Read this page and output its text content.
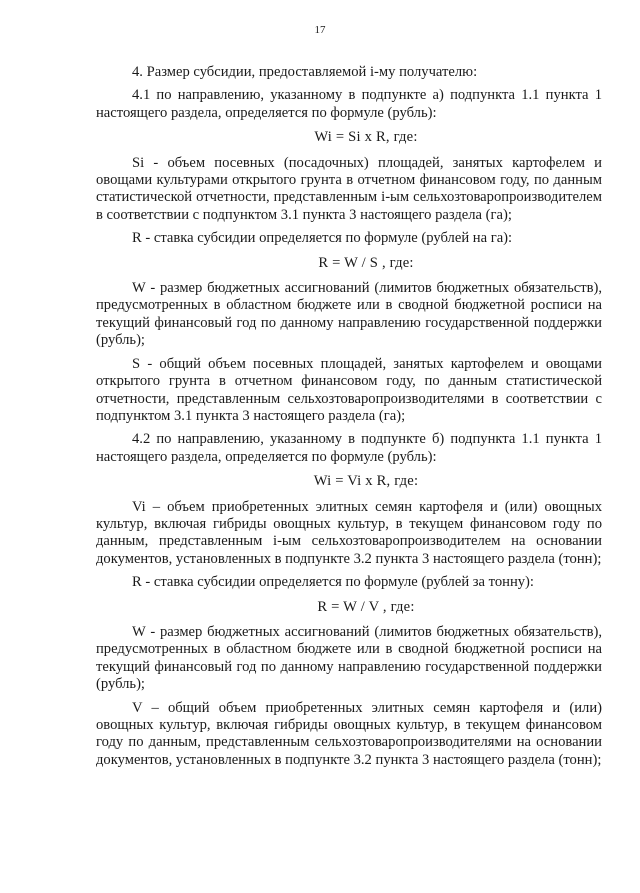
17

4. Размер субсидии, предоставляемой i-му получателю:

4.1 по направлению, указанному в подпункте а) подпункта 1.1 пункта 1 настоящего раздела, определяется по формуле (рубль):

Wi = Si x R, где:

Si - объем посевных (посадочных) площадей, занятых картофелем и овощами культурами открытого грунта в отчетном финансовом году, по данным статистической отчетности, представленным i-ым сельхозтоваропроизводителем в соответствии с подпунктом 3.1 пункта 3 настоящего раздела (га);

R - ставка субсидии определяется по формуле (рублей на га):

R = W / S , где:

W - размер бюджетных ассигнований (лимитов бюджетных обязательств), предусмотренных в областном бюджете или в сводной бюджетной росписи на текущий финансовый год по данному направлению государственной поддержки (рубль);

S - общий объем посевных площадей, занятых картофелем и овощами открытого грунта в отчетном финансовом году, по данным статистической отчетности, представленным сельхозтоваропроизводителями в соответствии с подпунктом 3.1 пункта 3 настоящего раздела (га);

4.2 по направлению, указанному в подпункте б) подпункта 1.1 пункта 1 настоящего раздела, определяется по формуле (рубль):

Wi = Vi x R, где:

Vi – объем приобретенных элитных семян картофеля и (или) овощных культур, включая гибриды овощных культур, в текущем финансовом году по данным, представленным i-ым сельхозтоваропроизводителем на основании документов, установленных в подпункте 3.2 пункта 3 настоящего раздела (тонн);

R - ставка субсидии определяется по формуле (рублей за тонну):

R = W / V , где:

W - размер бюджетных ассигнований (лимитов бюджетных обязательств), предусмотренных в областном бюджете или в сводной бюджетной росписи на текущий финансовый год по данному направлению государственной поддержки (рубль);

V – общий объем приобретенных элитных семян картофеля и (или) овощных культур, включая гибриды овощных культур, в текущем финансовом году по данным, представленным сельхозтоваропроизводителями на основании документов, установленных в подпункте 3.2 пункта 3 настоящего раздела (тонн);
